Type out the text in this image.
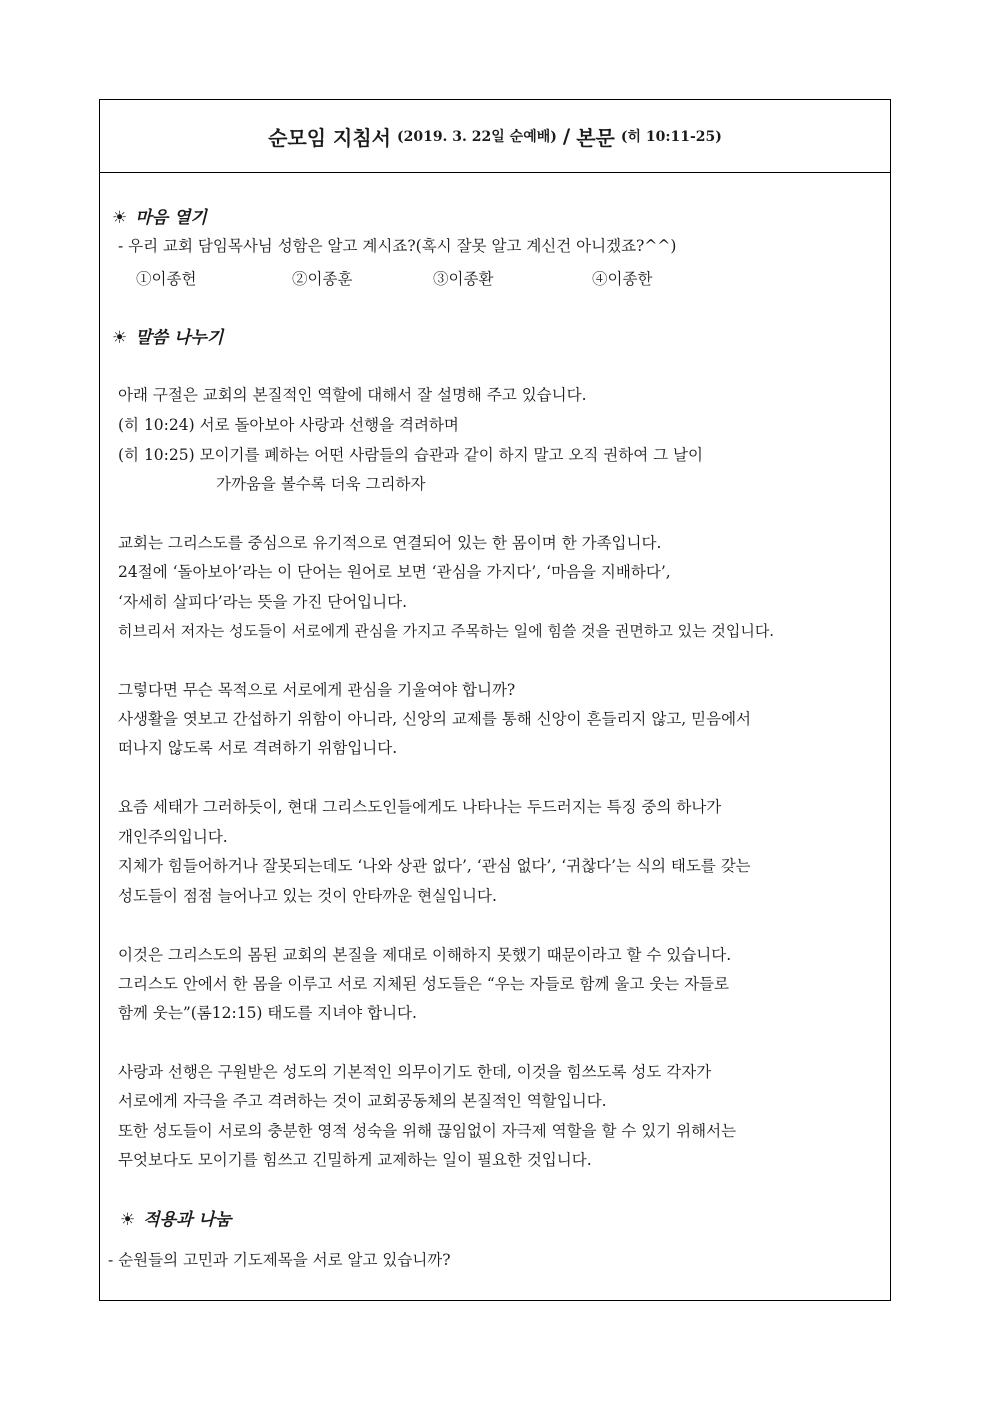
순모임 지침서 (2019. 3. 22일 순예배) / 본문 (히 10:11-25)
☀ 마음 열기
- 우리 교회 담임목사님 성함은 알고 계시죠?(혹시 잘못 알고 계신건 아니겠죠?^^)
①이종헌	②이종훈	③이종환	④이종한
☀ 말씀 나누기
아래 구절은 교회의 본질적인 역할에 대해서 잘 설명해 주고 있습니다.
(히 10:24) 서로 돌아보아 사랑과 선행을 격려하며
(히 10:25) 모이기를 폐하는 어떤 사람들의 습관과 같이 하지 말고 오직 권하여 그 날이
가까움을 볼수록 더욱 그리하자
교회는 그리스도를 중심으로 유기적으로 연결되어 있는 한 몸이며 한 가족입니다.
24절에 ‘돌아보아’라는 이 단어는 원어로 보면 ‘관심을 가지다’, ‘마음을 지배하다’,
‘자세히 살피다’라는 뜻을 가진 단어입니다.
히브리서 저자는 성도들이 서로에게 관심을 가지고 주목하는 일에 힘쓸 것을 권면하고 있는 것입니다.
그렇다면 무슨 목적으로 서로에게 관심을 기울여야 합니까?
사생활을 엿보고 간섭하기 위함이 아니라, 신앙의 교제를 통해 신앙이 흔들리지 않고, 믿음에서
떠나지 않도록 서로 격려하기 위함입니다.
요즘 세태가 그러하듯이, 현대 그리스도인들에게도 나타나는 두드러지는 특징 중의 하나가
개인주의입니다.
지체가 힘들어하거나 잘못되는데도 ‘나와 상관 없다’, ‘관심 없다’, ‘귀찮다’는 식의 태도를 갖는
성도들이 점점 늘어나고 있는 것이 안타까운 현실입니다.
이것은 그리스도의 몸된 교회의 본질을 제대로 이해하지 못했기 때문이라고 할 수 있습니다.
그리스도 안에서 한 몸을 이루고 서로 지체된 성도들은 “우는 자들로 함께 울고 웃는 자들로
함께 웃는”(롬12:15) 태도를 지녀야 합니다.
사랑과 선행은 구원받은 성도의 기본적인 의무이기도 한데, 이것을 힘쓰도록 성도 각자가
서로에게 자극을 주고 격려하는 것이 교회공동체의 본질적인 역할입니다.
또한 성도들이 서로의 충분한 영적 성숙을 위해 끊임없이 자극제 역할을 할 수 있기 위해서는
무엇보다도 모이기를 힘쓰고 긴밀하게 교제하는 일이 필요한 것입니다.
☀ 적용과 나눔
- 순원들의 고민과 기도제목을 서로 알고 있습니까?
